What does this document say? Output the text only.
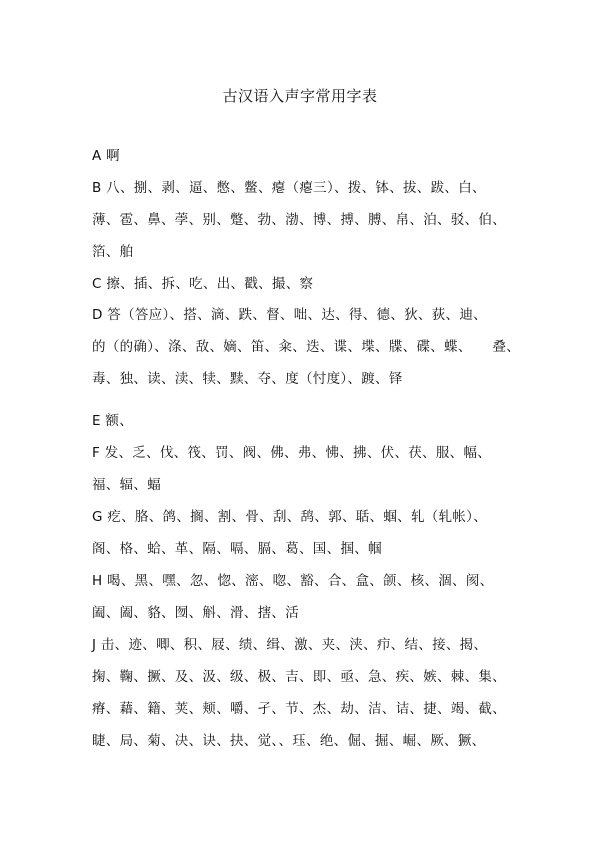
古汉语入声字常用字表
A 啊
B 八、捌、剥、逼、憋、鳖、瘪（瘪三）、拨、钵、拔、跋、白、
薄、雹、鼻、荸、别、蹩、勃、渤、博、搏、膊、帛、泊、驳、伯、
箔、舶
C 擦、插、拆、吃、出、戳、撮、察
D 答（答应）、搭、滴、跌、督、咄、达、得、德、狄、荻、迪、
的（的确）、涤、敌、嫡、笛、籴、迭、谍、堞、牒、碟、蝶、　　叠、
毒、独、读、渎、犊、黩、夺、度（忖度）、踱、铎
E 额、
F 发、乏、伐、筏、罚、阀、佛、弗、怫、拂、伏、茯、服、幅、
福、辐、蝠
G 疙、胳、鸽、搁、割、骨、刮、鸹、郭、聒、蝈、轧（轧帐）、
阁、格、蛤、革、隔、嗝、膈、葛、国、掴、帼
H 喝、黑、嘿、忽、惚、滵、唿、豁、合、盒、颌、核、涸、阂、
阖、阖、貉、囫、斛、滑、搳、活
J 击、迹、唧、积、屐、绩、缉、激、夹、浃、疖、结、接、揭、
掬、鞠、撅、及、汲、级、极、吉、即、亟、急、疾、嫉、棘、集、
瘠、藉、籍、荚、颊、嚼、孑、节、杰、劫、洁、诘、捷、竭、截、
睫、局、菊、决、诀、抉、觉、、珏、绝、倔、掘、崛、厥、獗、
